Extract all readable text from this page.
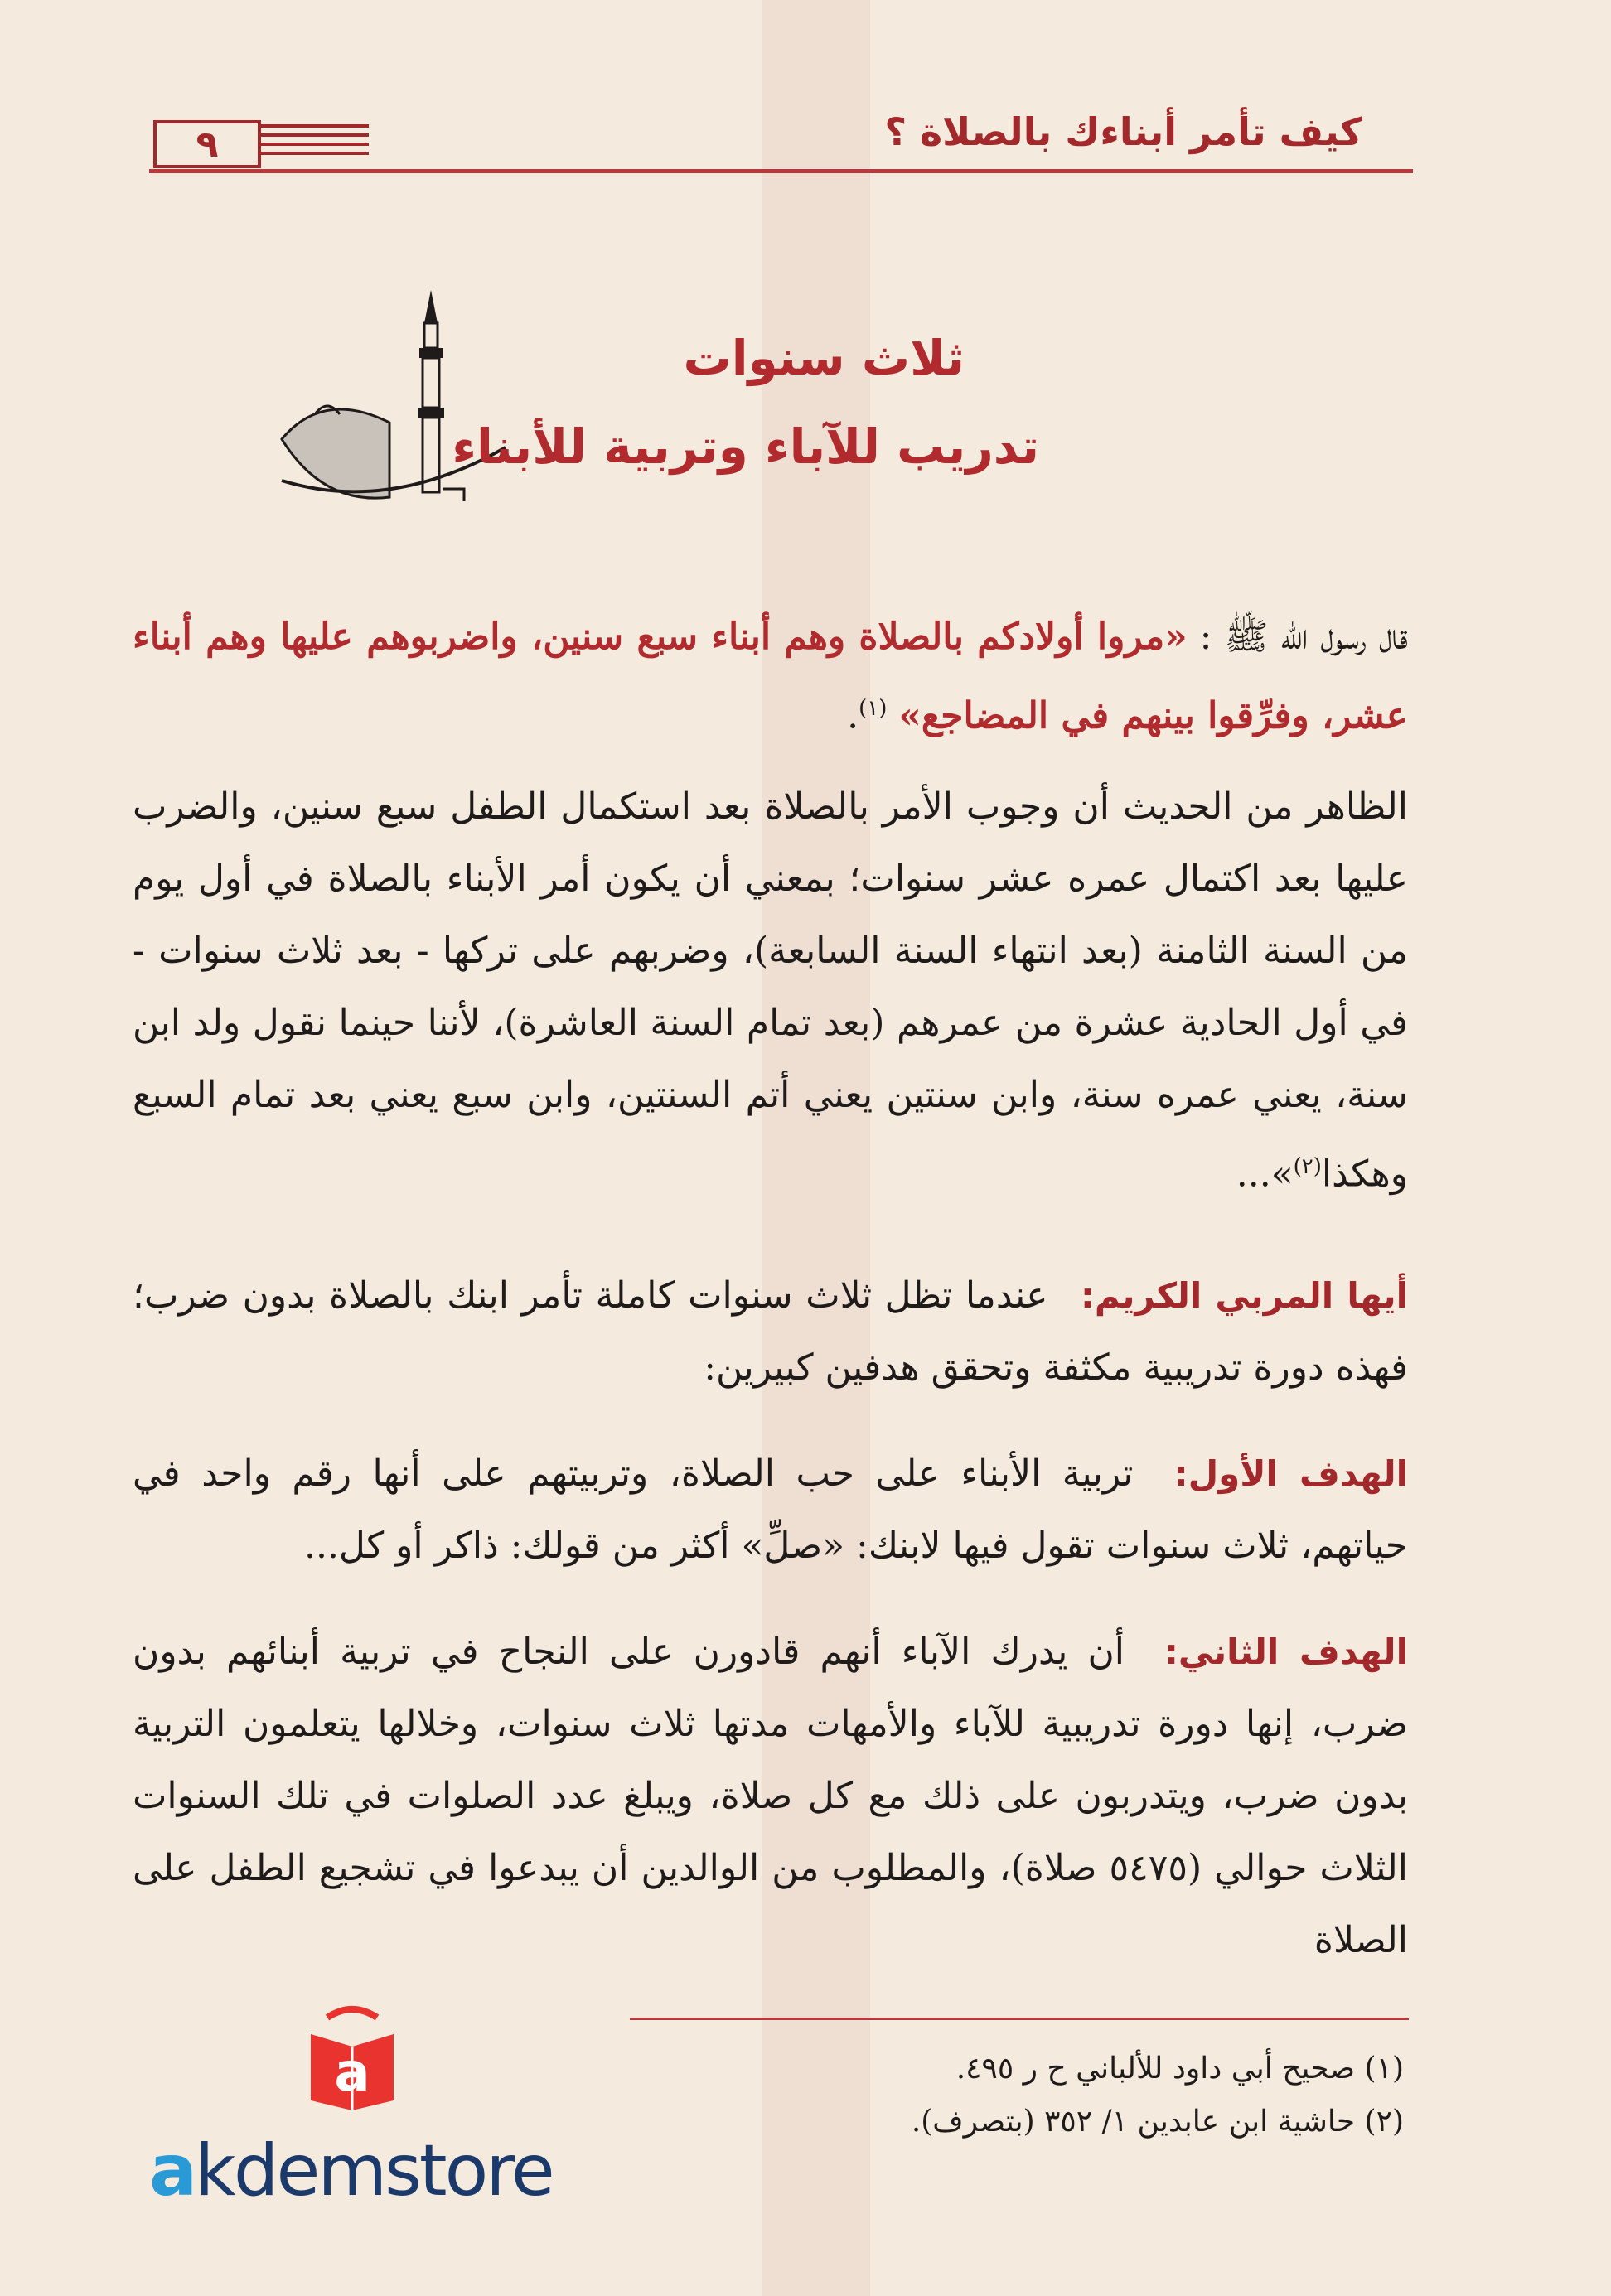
كيف تأمر أبناءك بالصلاة ؟
٩
ثلاث سنوات
تدريب للآباء وتربية للأبناء
قال رسول الله ﷺ : «مروا أولادكم بالصلاة وهم أبناء سبع سنين، واضربوهم عليها وهم أبناء عشر، وفرِّقوا بينهم في المضاجع» $^{(١)}$.
الظاهر من الحديث أن وجوب الأمر بالصلاة بعد استكمال الطفل سبع سنين، والضرب عليها بعد اكتمال عمره عشر سنوات؛ بمعني أن يكون أمر الأبناء بالصلاة في أول يوم من السنة الثامنة (بعد انتهاء السنة السابعة)، وضربهم على تركها - بعد ثلاث سنوات - في أول الحادية عشرة من عمرهم (بعد تمام السنة العاشرة)، لأننا حينما نقول ولد ابن سنة، يعني عمره سنة، وابن سنتين يعني أتم السنتين، وابن سبع يعني بعد تمام السبع وهكذا$^{(٢)}$»...
أيها المربي الكريم: عندما تظل ثلاث سنوات كاملة تأمر ابنك بالصلاة بدون ضرب؛ فهذه دورة تدريبية مكثفة وتحقق هدفين كبيرين:
الهدف الأول: تربية الأبناء على حب الصلاة، وتربيتهم على أنها رقم واحد في حياتهم، ثلاث سنوات تقول فيها لابنك: «صلِّ» أكثر من قولك: ذاكر أو كل...
الهدف الثاني: أن يدرك الآباء أنهم قادورن على النجاح في تربية أبنائهم بدون ضرب، إنها دورة تدريبية للآباء والأمهات مدتها ثلاث سنوات، وخلالها يتعلمون التربية بدون ضرب، ويتدربون على ذلك مع كل صلاة، ويبلغ عدد الصلوات في تلك السنوات الثلاث حوالي (٥٤٧٥ صلاة)، والمطلوب من الوالدين أن يبدعوا في تشجيع الطفل على الصلاة
(١) صحيح أبي داود للألباني ح ر ٤٩٥.
(٢) حاشية ابن عابدين ١/ ٣٥٢ (بتصرف).
a
akdemstore
